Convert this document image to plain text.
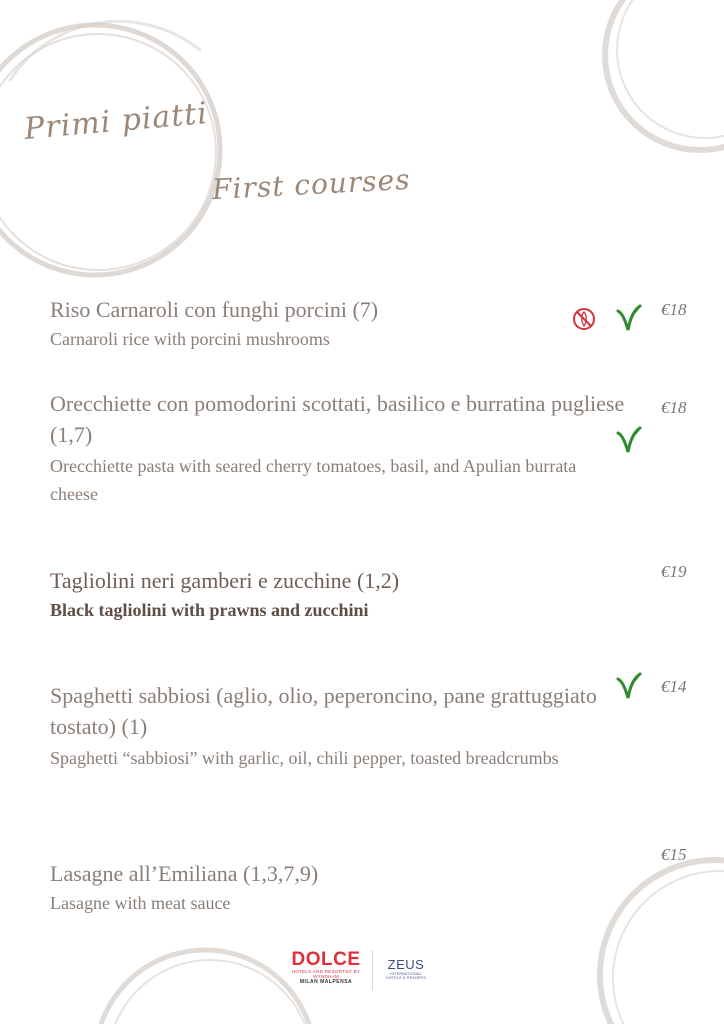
Primi piatti
First courses
Riso Carnaroli con funghi porcini (7)
Carnaroli rice with porcini mushrooms
€18
Orecchiette con pomodorini scottati, basilico e burratina pugliese (1,7)
Orecchiette pasta with seared cherry tomatoes, basil, and Apulian burrata cheese
€18
Tagliolini neri gamberi e zucchine (1,2)
Black tagliolini with prawns and zucchini
€19
Spaghetti sabbiosi (aglio, olio, peperoncino, pane grattuggiato tostato) (1)
Spaghetti “sabbiosi” with garlic, oil, chili pepper, toasted breadcrumbs
€14
Lasagne all’Emiliana (1,3,7,9)
Lasagne with meat sauce
€15
DOLCE
HOTELS AND RESORTS® BY WYNDHAM
MILAN MALPENSA
ZEUS
INTERNATIONAL HOTELS & RESORTS
